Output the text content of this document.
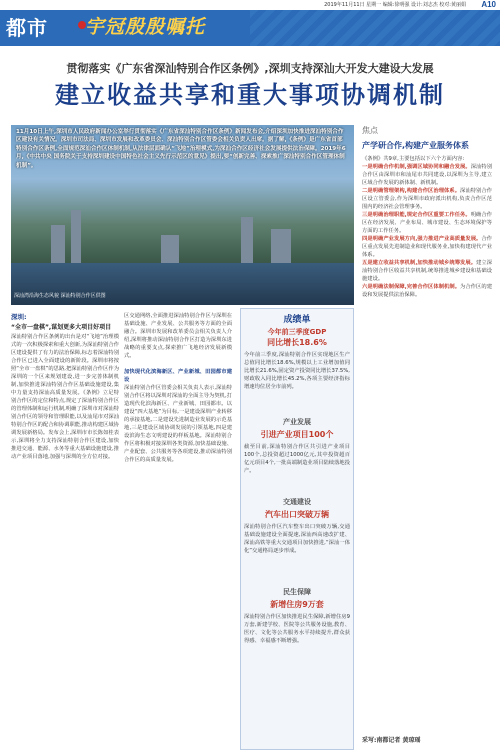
2019年11月11日 星期一 编辑:徐明强 设计:刘志杰 校对:黄丽娟 A10
都市 宇冠殷殷嘱托
贯彻落实《广东省深汕特别合作区条例》,深圳支持深汕大开发大建设大发展
建立收益共享和重大事项协调机制
11月10日上午,深圳市人民政府新闻办公室举行贯彻落实《广东省深汕特别合作区条例》新闻发布会,介绍深圳加快推进深汕特别合作区建设有关情况。深圳市司法局、深圳市发展和改革委员会、深汕特别合作区管委会相关负责人出席。据了解,《条例》是广东省首部特别合作区条例,全面规范深汕合作区体制机制,从法律层面确认“飞地”治理模式,为深汕合作区经济社会发展提供法治保障。2019年6月,《中共中央 国务院关于支持深圳建设中国特色社会主义先行示范区的意见》提出,要“创新完善、探索推广深汕特别合作区管理体制机制”。
深汕湾沿海生态风貌 深汕特别合作区供图
深圳:
“全市一盘棋”,谋划更多大项目好项目
深汕特别合作区条例的出台是对“飞地”治理模式的一次积极探索和重大创新,为深汕特别合作区建设提供了有力的法治保障,标志着深汕特别合作区已进入全面建设的新阶段。深圳市将按照“全市一盘棋”的思路,把深汕特别合作区作为深圳的一个区来规划建设,进一步完善体制机制,加快推进深汕特别合作区基础设施建设,集中力量支持深汕高质量发展。《条例》立足特别合作区的定位和特点,规定了深汕特别合作区的管理体制和运行机制,明确了深圳市对深汕特别合作区的领导和管理职能,以及汕尾市对深汕特别合作区的配合和协调职能,推动构建区域协调发展新格局。发布会上,深圳市市长陈如桂表示,深圳将全力支持深汕特别合作区建设,加快推进交通、能源、水务等重大基础设施建设,推动产业项目落地,加强与深圳的全方位对接。
区交通网络,全面推进深汕特别合作区与深圳在基础设施、产业发展、公共服务等方面的全面融合。深圳市发展和改革委员会相关负责人介绍,深圳将推动深汕特别合作区打造为深圳东进战略的重要支点,探索推广飞地经济发展新模式。

加快现代化滨海新区、产业新城、田园都市建设
深汕特别合作区管委会相关负责人表示,深汕特别合作区将以深圳对深汕的全面主导为契机,打造现代化滨海新区、产业新城、田园都市。以建设“四大基地”为目标,一是建设深圳产业转移的承接基地,二是建设先进制造业发展的示范基地,三是建设区域协调发展的引领基地,四是建设滨海生态文明建设的样板基地。深汕特别合作区将积极对接深圳各类资源,加快基础设施、产业配套、公共服务等各项建设,推动深汕特别合作区的高质量发展。
成绩单
今年前三季度GDP
同比增长18.6%
今年前三季度,深汕特别合作区实现地区生产总值同比增长18.6%,规模以上工业增加值同比增长21.6%,固定资产投资同比增长37.5%,财政收入同比增长45.2%,各项主要经济指标增速均位居全市前列。
产业发展
引进产业项目100个
截至目前,深汕特别合作区共引进产业项目100个,总投资超过1000亿元,其中投资超百亿元项目4个,一批高端制造业项目陆续落地投产。
交通建设
汽车出口突破万辆
深汕特别合作区汽车整车出口突破万辆,交通基础设施建设全面提速,深汕西高速改扩建、深汕高铁等重大交通项目加快推进,“深汕一体化”交通格局逐步形成。
民生保障
新增住房9万套
深汕特别合作区加快推进民生保障,新增住房9万套,新建学校、医院等公共服务设施,教育、医疗、文化等公共服务水平持续提升,群众获得感、幸福感不断增强。
焦点
产学研合作,构建产业服务体系
《条例》共9章,主要包括以下六个方面内容:
一是明确合作机制,强调区域协同和融合发展。深汕特别合作区由深圳市和汕尾市共同建设,以深圳为主导,建立区域合作发展的新体制、新机制。
二是明确管理架构,构建合作区治理体系。深汕特别合作区设立管委会,作为深圳市政府派出机构,负责合作区范围内的经济社会管理事务。
三是明确治理职能,规定合作区重要工作任务。明确合作区在经济发展、产业布局、城市建设、生态环境保护等方面的工作任务。
四是明确产业发展方向,强力推进产业高质量发展。合作区重点发展先进制造业和现代服务业,加快构建现代产业体系。
五是建立收益共享机制,加快推动城乡统筹发展。建立深汕特别合作区收益共享机制,统筹推进城乡建设和基础设施建设。
六是明确法制保障,完善合作区体制机制。为合作区的建设和发展提供法治保障。
采写:南都记者 黄琼瑶
